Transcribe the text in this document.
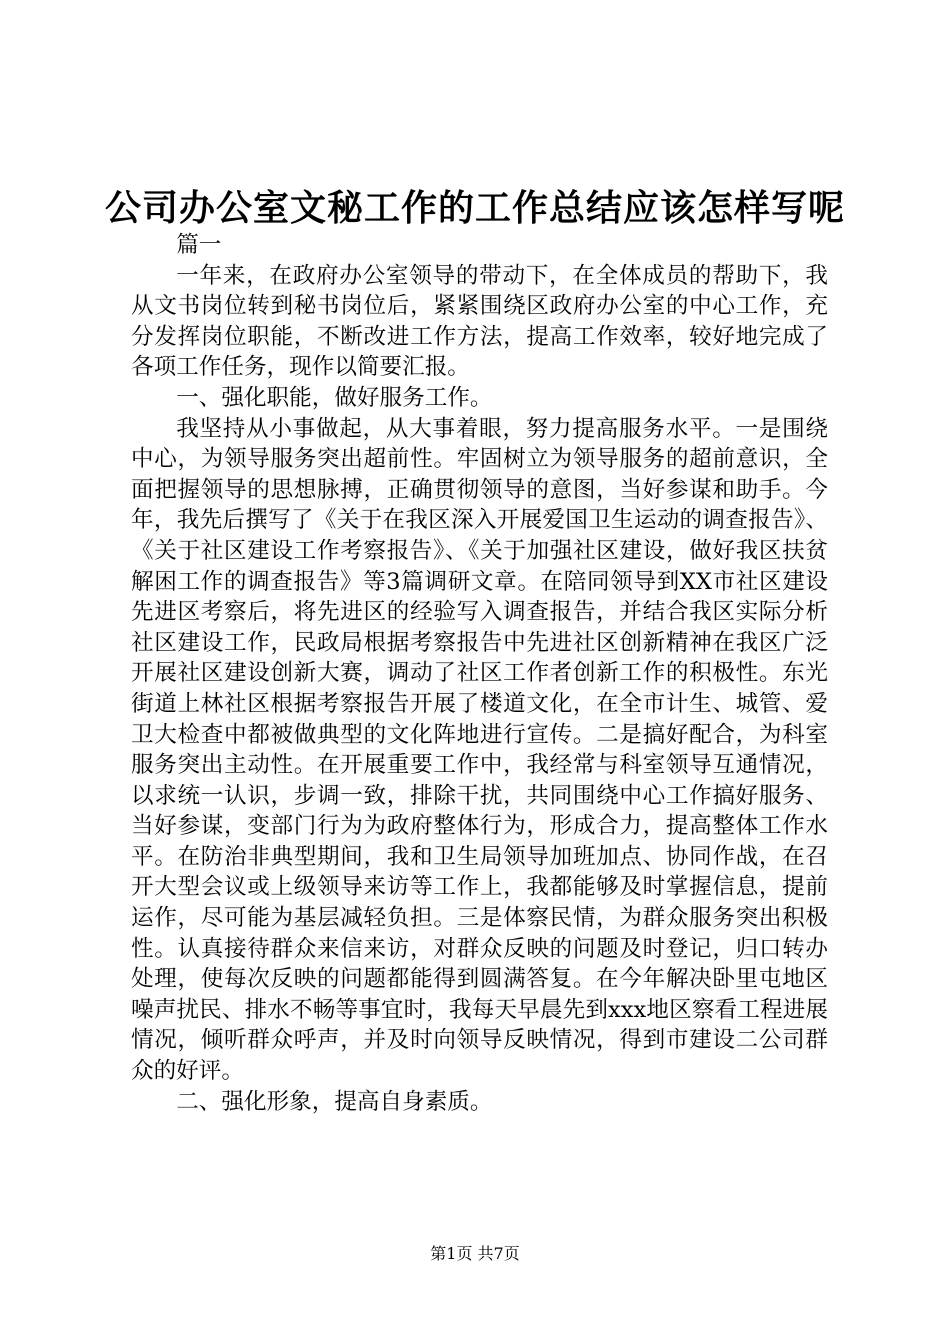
公司办公室文秘工作的工作总结应该怎样写呢

篇一

一年来，在政府办公室领导的带动下，在全体成员的帮助下，我从文书岗位转到秘书岗位后，紧紧围绕区政府办公室的中心工作，充分发挥岗位职能，不断改进工作方法，提高工作效率，较好地完成了各项工作任务，现作以简要汇报。

一、强化职能，做好服务工作。

我坚持从小事做起，从大事着眼，努力提高服务水平。一是围绕中心，为领导服务突出超前性。牢固树立为领导服务的超前意识，全面把握领导的思想脉搏，正确贯彻领导的意图，当好参谋和助手。今年，我先后撰写了《关于在我区深入开展爱国卫生运动的调查报告》、《关于社区建设工作考察报告》、《关于加强社区建设，做好我区扶贫解困工作的调查报告》等3篇调研文章。在陪同领导到XX市社区建设先进区考察后，将先进区的经验写入调查报告，并结合我区实际分析社区建设工作，民政局根据考察报告中先进社区创新精神在我区广泛开展社区建设创新大赛，调动了社区工作者创新工作的积极性。东光街道上林社区根据考察报告开展了楼道文化，在全市计生、城管、爱卫大检查中都被做典型的文化阵地进行宣传。二是搞好配合，为科室服务突出主动性。在开展重要工作中，我经常与科室领导互通情况，以求统一认识，步调一致，排除干扰，共同围绕中心工作搞好服务、当好参谋，变部门行为为政府整体行为，形成合力，提高整体工作水平。在防治非典型期间，我和卫生局领导加班加点、协同作战，在召开大型会议或上级领导来访等工作上，我都能够及时掌握信息，提前运作，尽可能为基层减轻负担。三是体察民情，为群众服务突出积极性。认真接待群众来信来访，对群众反映的问题及时登记，归口转办处理，使每次反映的问题都能得到圆满答复。在今年解决卧里屯地区噪声扰民、排水不畅等事宜时，我每天早晨先到xxx地区察看工程进展情况，倾听群众呼声，并及时向领导反映情况，得到市建设二公司群众的好评。

二、强化形象，提高自身素质。

第1页 共7页
